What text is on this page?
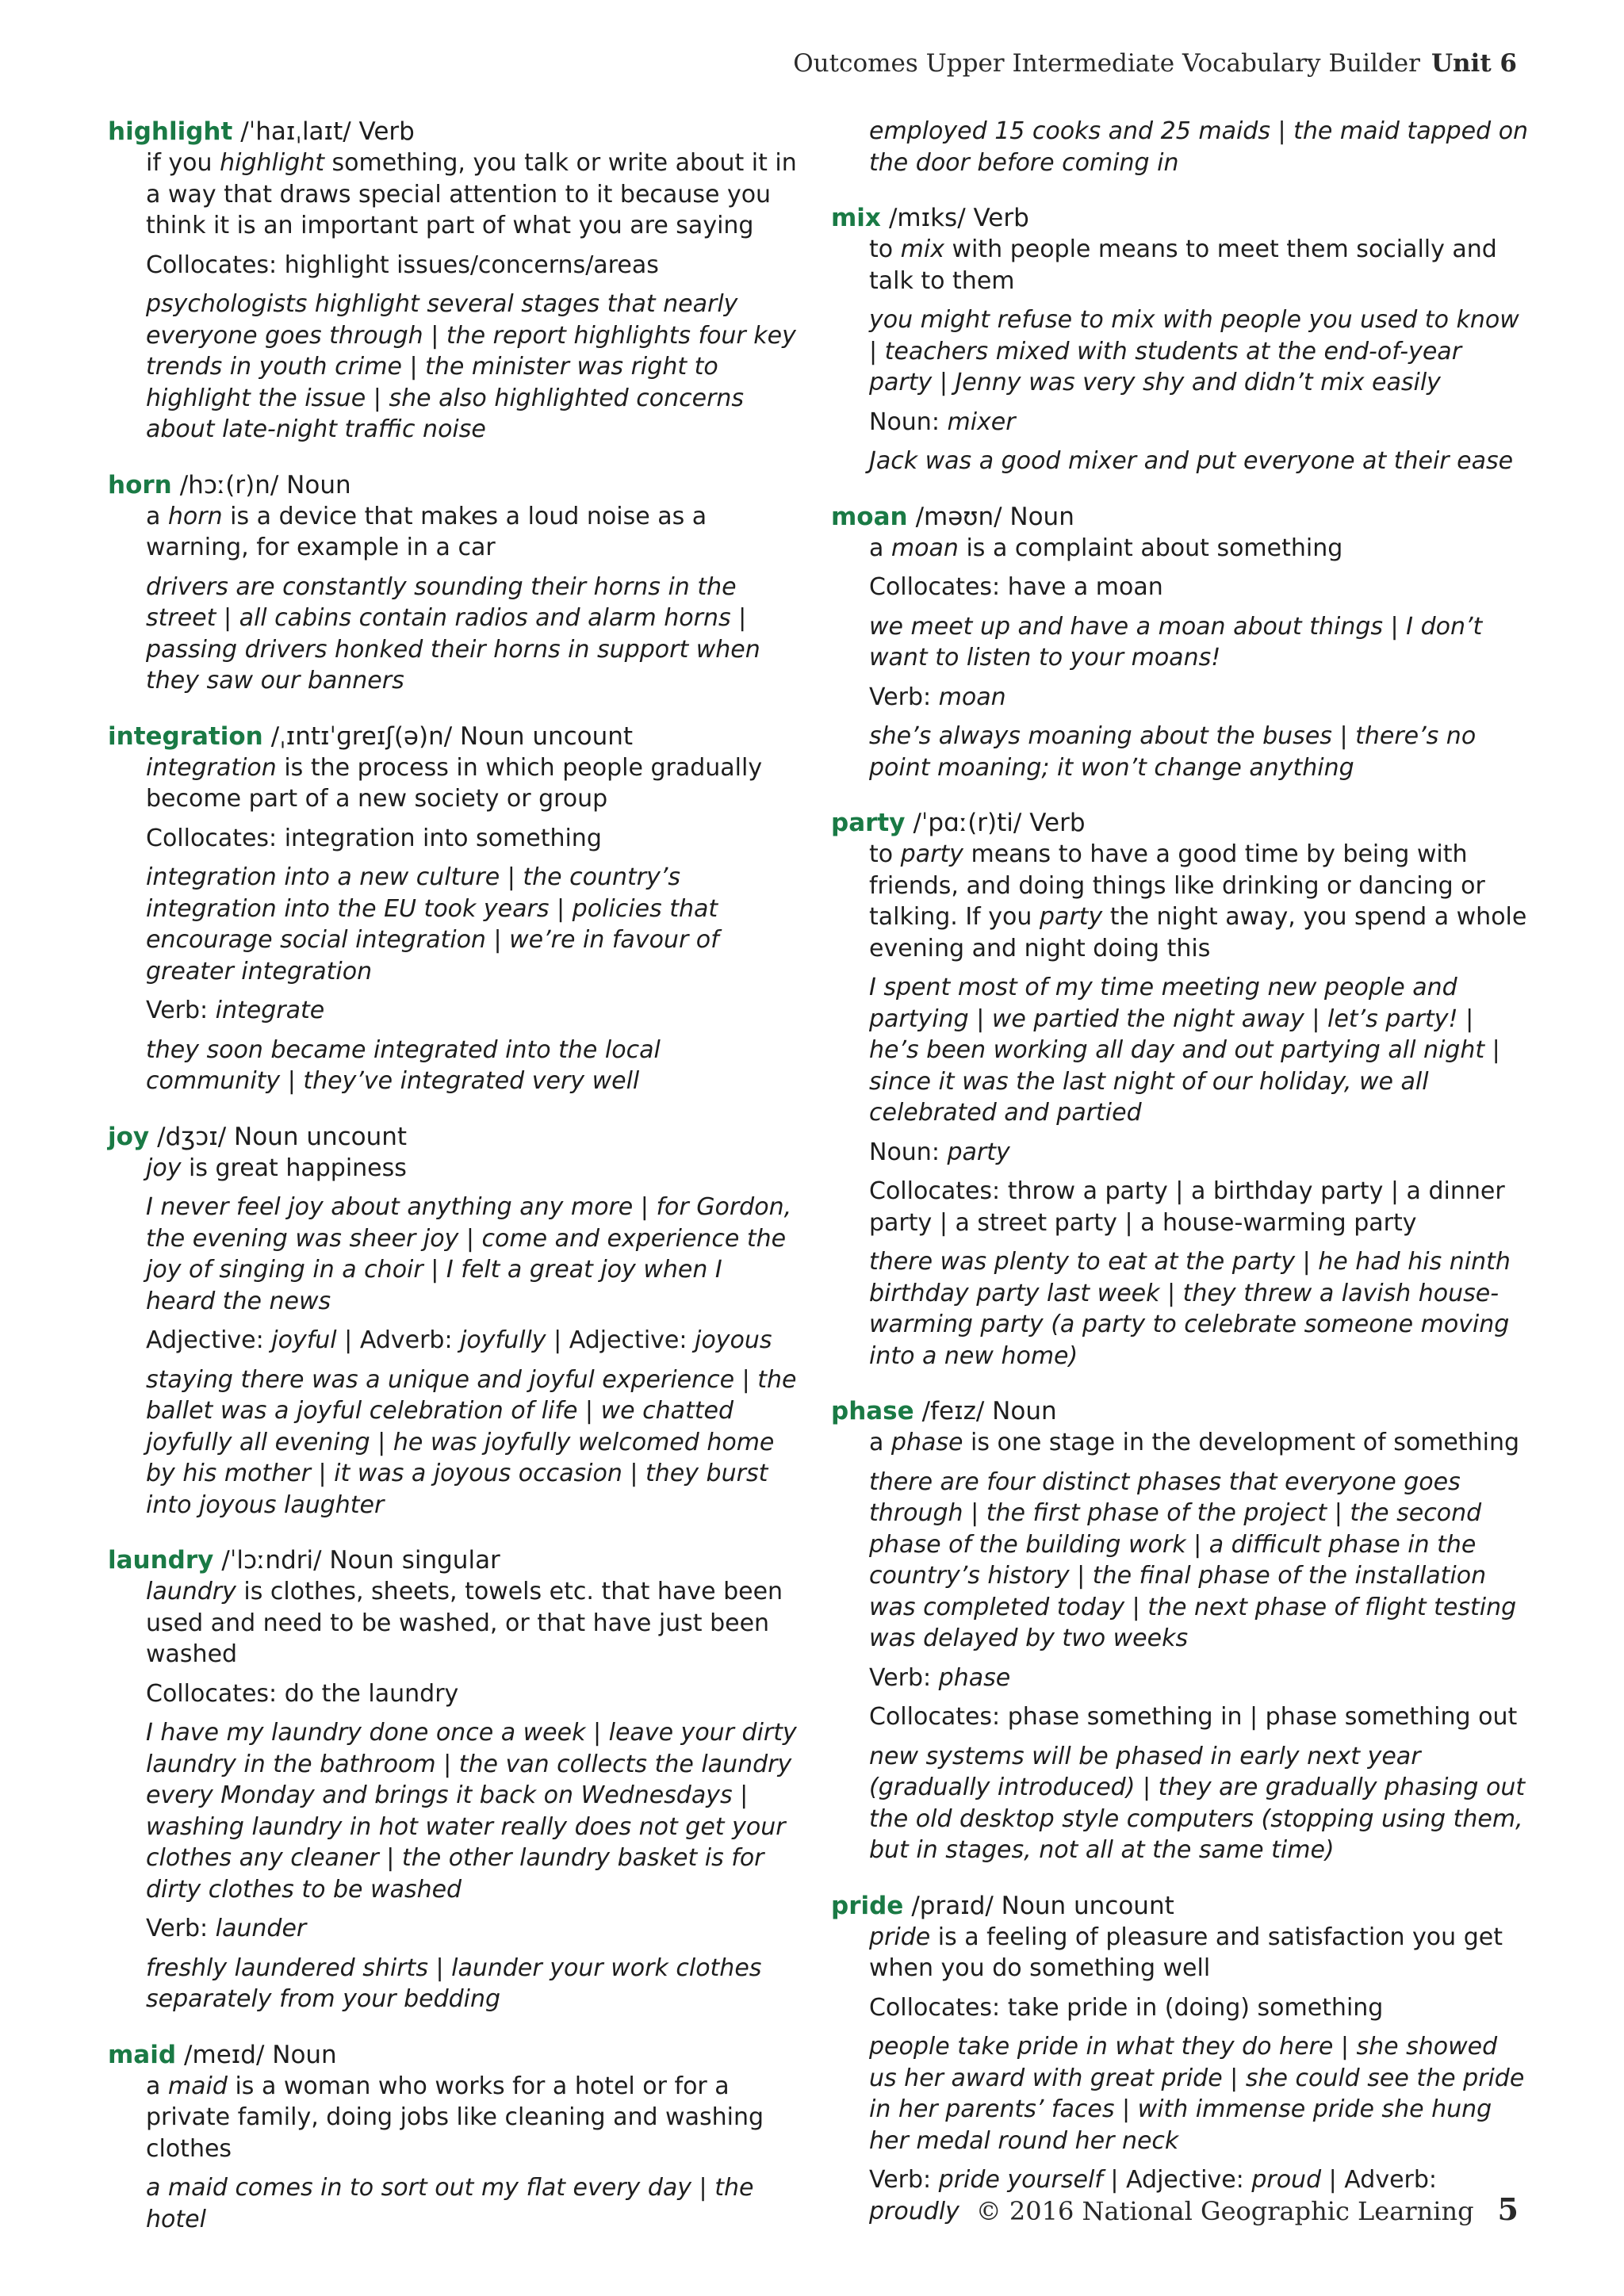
Outcomes Upper Intermediate Vocabulary Builder Unit 6
highlight /ˈhaɪˌlaɪt/ Verb

if you highlight something, you talk or write about it in a way that draws special attention to it because you think it is an important part of what you are saying

Collocates: highlight issues/concerns/areas

psychologists highlight several stages that nearly everyone goes through | the report highlights four key trends in youth crime | the minister was right to highlight the issue | she also highlighted concerns about late-night traffic noise

horn /hɔː(r)n/ Noun

a horn is a device that makes a loud noise as a warning, for example in a car

drivers are constantly sounding their horns in the street | all cabins contain radios and alarm horns | passing drivers honked their horns in support when they saw our banners

integration /ˌɪntɪˈɡreɪʃ(ə)n/ Noun uncount

integration is the process in which people gradually become part of a new society or group

Collocates: integration into something

integration into a new culture | the country’s integration into the EU took years | policies that encourage social integration | we’re in favour of greater integration

Verb: integrate

they soon became integrated into the local community | they’ve integrated very well

joy /dʒɔɪ/ Noun uncount

joy is great happiness

I never feel joy about anything any more | for Gordon, the evening was sheer joy | come and experience the joy of singing in a choir | I felt a great joy when I heard the news

Adjective: joyful | Adverb: joyfully | Adjective: joyous

staying there was a unique and joyful experience | the ballet was a joyful celebration of life | we chatted joyfully all evening | he was joyfully welcomed home by his mother | it was a joyous occasion | they burst into joyous laughter

laundry /ˈlɔːndri/ Noun singular

laundry is clothes, sheets, towels etc. that have been used and need to be washed, or that have just been washed

Collocates: do the laundry

I have my laundry done once a week | leave your dirty laundry in the bathroom | the van collects the laundry every Monday and brings it back on Wednesdays | washing laundry in hot water really does not get your clothes any cleaner | the other laundry basket is for dirty clothes to be washed

Verb: launder

freshly laundered shirts | launder your work clothes separately from your bedding

maid /meɪd/ Noun

a maid is a woman who works for a hotel or for a private family, doing jobs like cleaning and washing clothes

a maid comes in to sort out my flat every day | the hotel

employed 15 cooks and 25 maids | the maid tapped on the door before coming in

mix /mɪks/ Verb

to mix with people means to meet them socially and talk to them

you might refuse to mix with people you used to know | teachers mixed with students at the end-of-year party | Jenny was very shy and didn’t mix easily

Noun: mixer

Jack was a good mixer and put everyone at their ease

moan /məʊn/ Noun

a moan is a complaint about something

Collocates: have a moan

we meet up and have a moan about things | I don’t want to listen to your moans!

Verb: moan

she’s always moaning about the buses | there’s no point moaning; it won’t change anything

party /ˈpɑː(r)ti/ Verb

to party means to have a good time by being with friends, and doing things like drinking or dancing or talking. If you party the night away, you spend a whole evening and night doing this

I spent most of my time meeting new people and partying | we partied the night away | let’s party! | he’s been working all day and out partying all night | since it was the last night of our holiday, we all celebrated and partied

Noun: party

Collocates: throw a party | a birthday party | a dinner party | a street party | a house-warming party

there was plenty to eat at the party | he had his ninth birthday party last week | they threw a lavish house-warming party (a party to celebrate someone moving into a new home)

phase /feɪz/ Noun

a phase is one stage in the development of something

there are four distinct phases that everyone goes through | the first phase of the project | the second phase of the building work | a difficult phase in the country’s history | the final phase of the installation was completed today | the next phase of flight testing was delayed by two weeks

Verb: phase

Collocates: phase something in | phase something out

new systems will be phased in early next year (gradually introduced) | they are gradually phasing out the old desktop style computers (stopping using them, but in stages, not all at the same time)

pride /praɪd/ Noun uncount

pride is a feeling of pleasure and satisfaction you get when you do something well

Collocates: take pride in (doing) something

people take pride in what they do here | she showed us her award with great pride | she could see the pride in her parents’ faces | with immense pride she hung her medal round her neck

Verb: pride yourself | Adjective: proud | Adverb: proudly © 2016 National Geographic Learning 5
